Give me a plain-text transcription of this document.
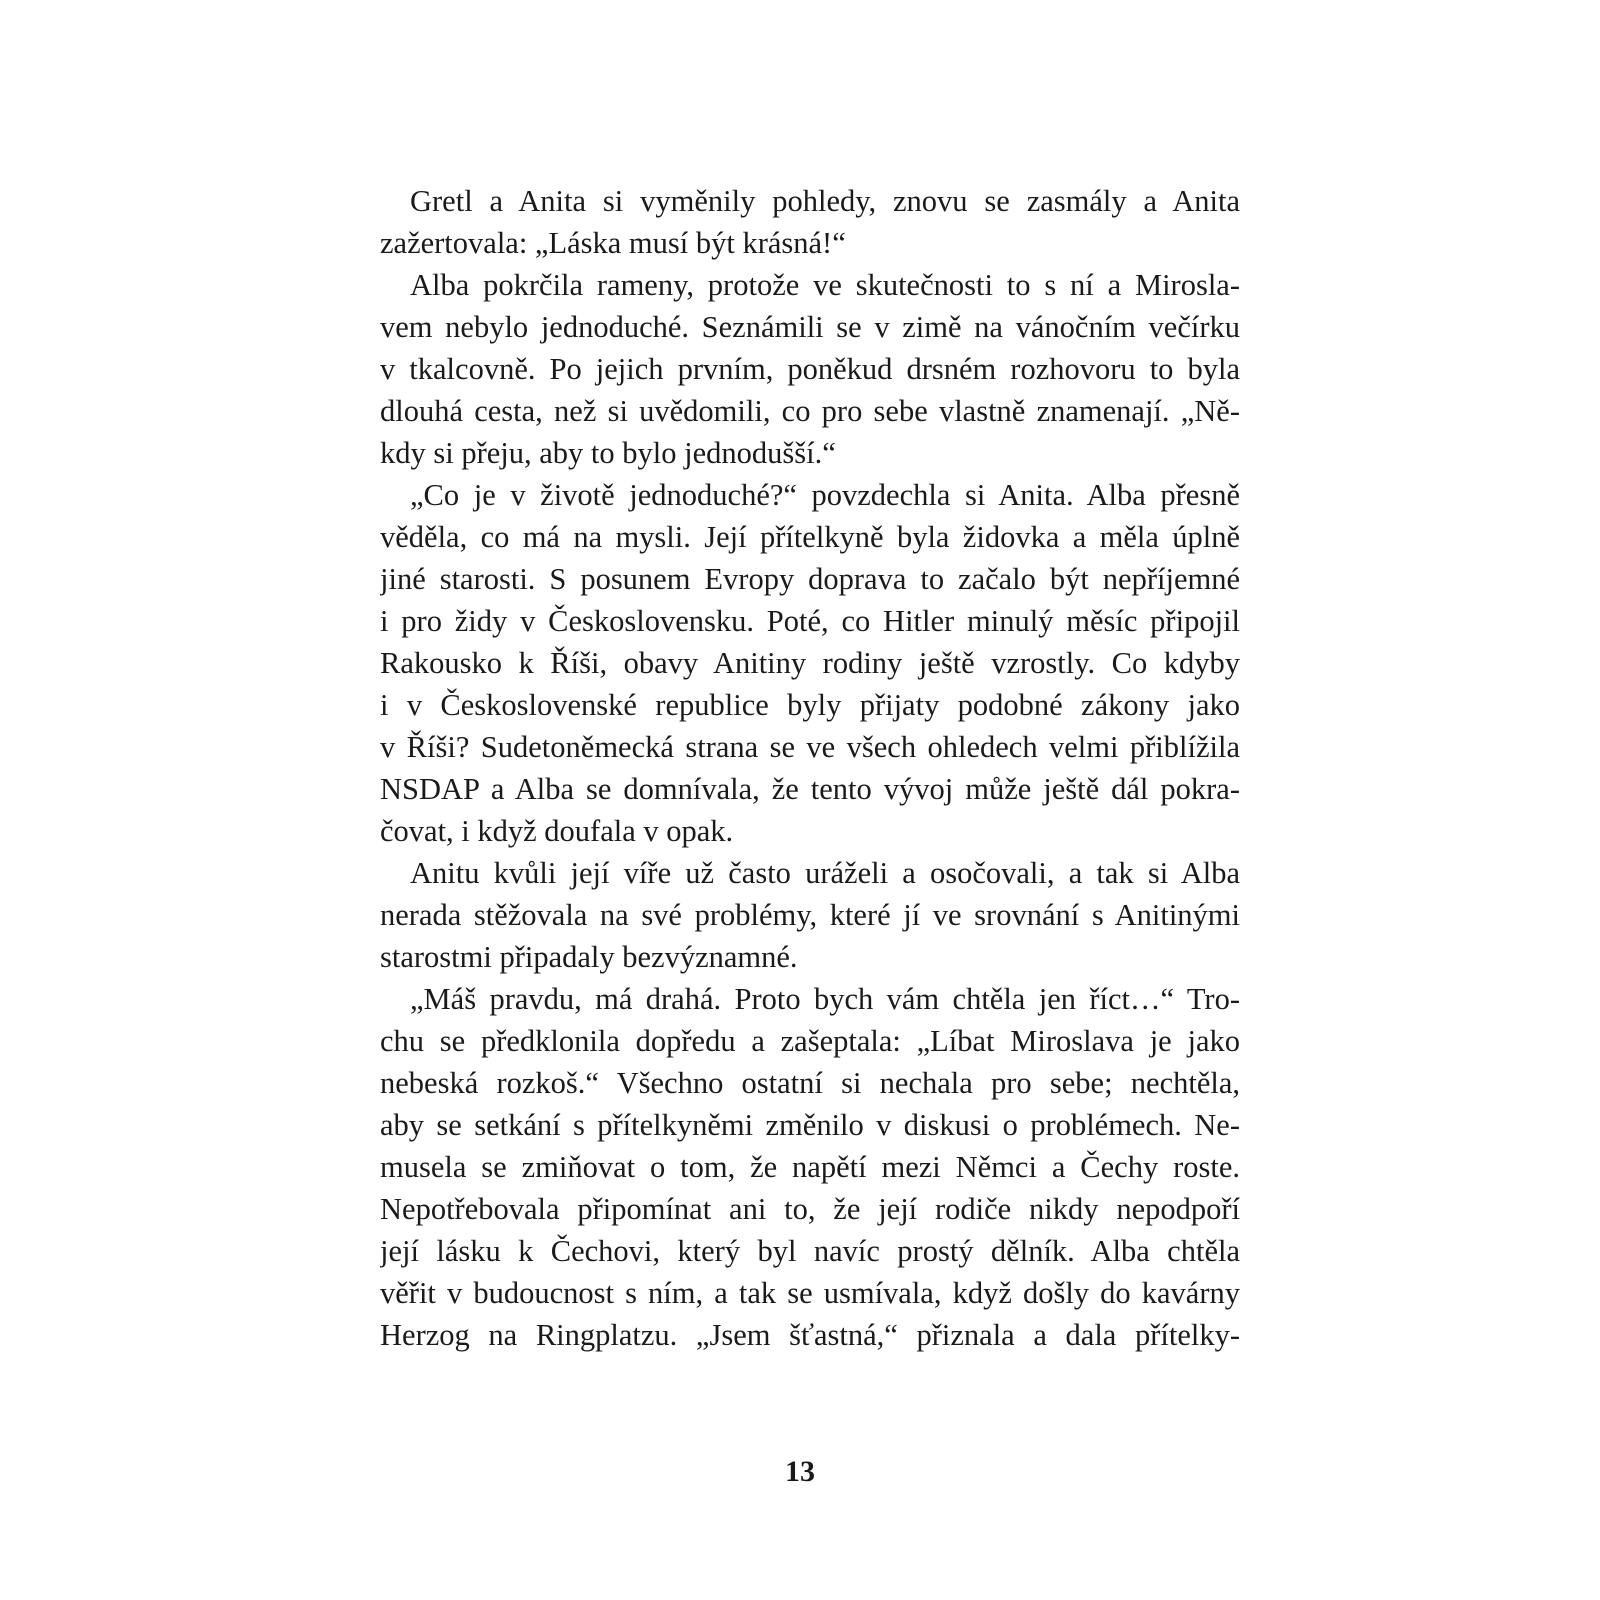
Gretl a Anita si vyměnily pohledy, znovu se zasmály a Anita
zažertovala: „Láska musí být krásná!“
Alba pokrčila rameny, protože ve skutečnosti to s ní a Mirosla-
vem nebylo jednoduché. Seznámili se v zimě na vánočním večírku
v tkalcovně. Po jejich prvním, poněkud drsném rozhovoru to byla
dlouhá cesta, než si uvědomili, co pro sebe vlastně znamenají. „Ně-
kdy si přeju, aby to bylo jednodušší.“
„Co je v životě jednoduché?“ povzdechla si Anita. Alba přesně
věděla, co má na mysli. Její přítelkyně byla židovka a měla úplně
jiné starosti. S posunem Evropy doprava to začalo být nepříjemné
i pro židy v Československu. Poté, co Hitler minulý měsíc připojil
Rakousko k Říši, obavy Anitiny rodiny ještě vzrostly. Co kdyby
i v Československé republice byly přijaty podobné zákony jako
v Říši? Sudetoněmecká strana se ve všech ohledech velmi přiblížila
NSDAP a Alba se domnívala, že tento vývoj může ještě dál pokra-
čovat, i když doufala v opak.
Anitu kvůli její víře už často uráželi a osočovali, a tak si Alba
nerada stěžovala na své problémy, které jí ve srovnání s Anitinými
starostmi připadaly bezvýznamné.
„Máš pravdu, má drahá. Proto bych vám chtěla jen říct…“ Tro-
chu se předklonila dopředu a zašeptala: „Líbat Miroslava je jako
nebeská rozkoš.“ Všechno ostatní si nechala pro sebe; nechtěla,
aby se setkání s přítelkyněmi změnilo v diskusi o problémech. Ne-
musela se zmiňovat o tom, že napětí mezi Němci a Čechy roste.
Nepotřebovala připomínat ani to, že její rodiče nikdy nepodpoří
její lásku k Čechovi, který byl navíc prostý dělník. Alba chtěla
věřit v budoucnost s ním, a tak se usmívala, když došly do kavárny
Herzog na Ringplatzu. „Jsem šťastná,“ přiznala a dala přítelky-
13
